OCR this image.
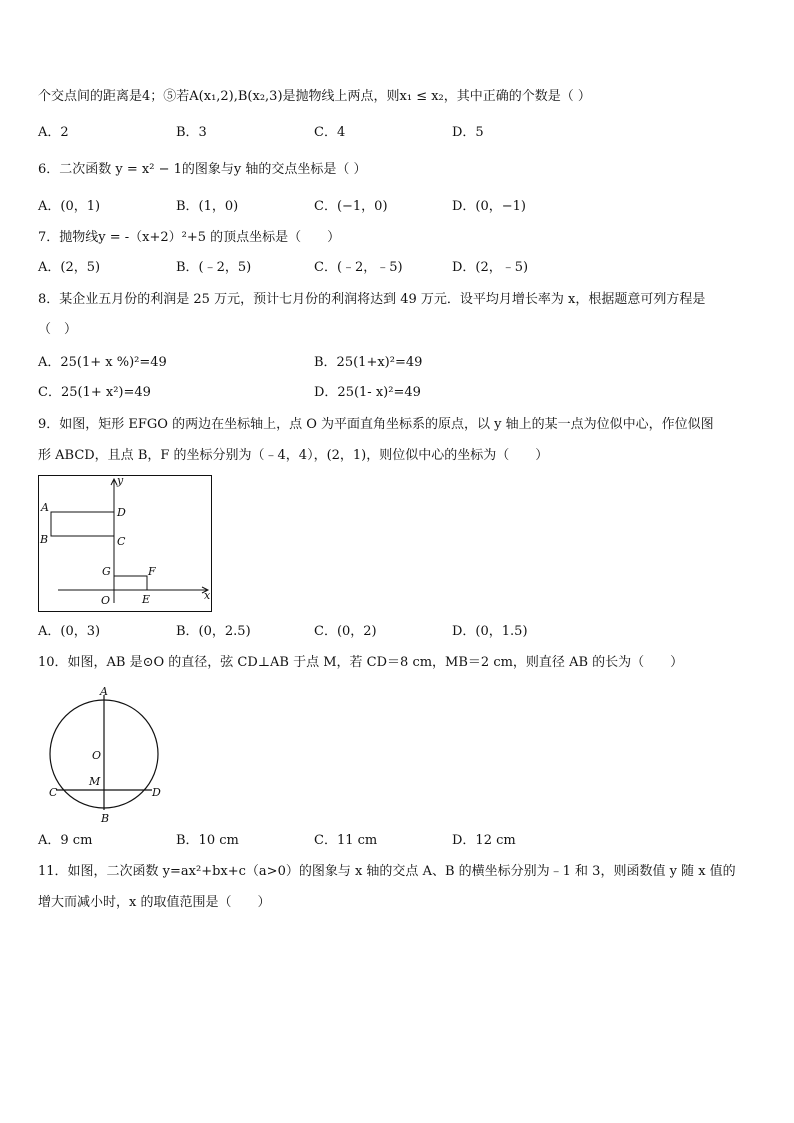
个交点间的距离是4；⑤若A(x₁,2),B(x₂,3)是抛物线上两点，则x₁ ≤ x₂，其中正确的个数是（ ）
A．2	B．3	C．4	D．5
6．二次函数 y = x² − 1的图象与y 轴的交点坐标是（ ）
A．(0，1)	B．(1，0)	C．(−1，0)	D．(0，−1)
7．抛物线y = -（x+2）²+5 的顶点坐标是（　　）
A．(2，5)	B．(﹣2，5)	C．(﹣2，﹣5)	D．(2，﹣5)
8．某企业五月份的利润是 25 万元，预计七月份的利润将达到 49 万元．设平均月增长率为 x，根据题意可列方程是
（　）
A．25(1+ x %)²=49	B．25(1+x)²=49
C．25(1+ x²)=49	D．25(1- x)²=49
9．如图，矩形 EFGO 的两边在坐标轴上，点 O 为平面直角坐标系的原点，以 y 轴上的某一点为位似中心，作位似图
形 ABCD，且点 B，F 的坐标分别为（﹣4，4），(2，1)，则位似中心的坐标为（　　）
y
A	D
B	C
G	F
O	E	x
A．(0，3)	B．(0，2.5)	C．(0，2)	D．(0，1.5)
10．如图，AB 是⊙O 的直径，弦 CD⊥AB 于点 M，若 CD＝8 cm，MB＝2 cm，则直径 AB 的长为（　　）
A
O
M
C	D
B
A．9 cm	B．10 cm	C．11 cm	D．12 cm
11．如图，二次函数 y=ax²+bx+c（a>0）的图象与 x 轴的交点 A、B 的横坐标分别为﹣1 和 3，则函数值 y 随 x 值的
增大而减小时，x 的取值范围是（　　）
